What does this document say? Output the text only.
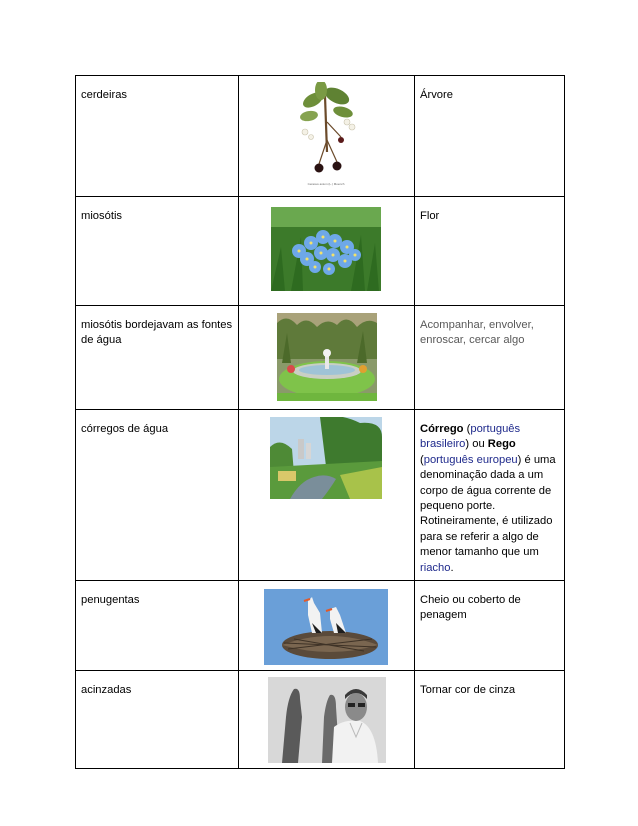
cerdeiras	Cerasus avium (L.) Moench	Árvore

miosótis		Flor

miosótis bordejavam as fontes de água		Acompanhar, envolver, enroscar, cercar algo

córregos de água		Córrego (português brasileiro) ou Rego (português europeu) é uma denominação dada a um corpo de água corrente de pequeno porte. Rotineiramente, é utilizado para se referir a algo de menor tamanho que um riacho.

penugentas		Cheio ou coberto de penagem

acinzadas		Tornar cor de cinza
